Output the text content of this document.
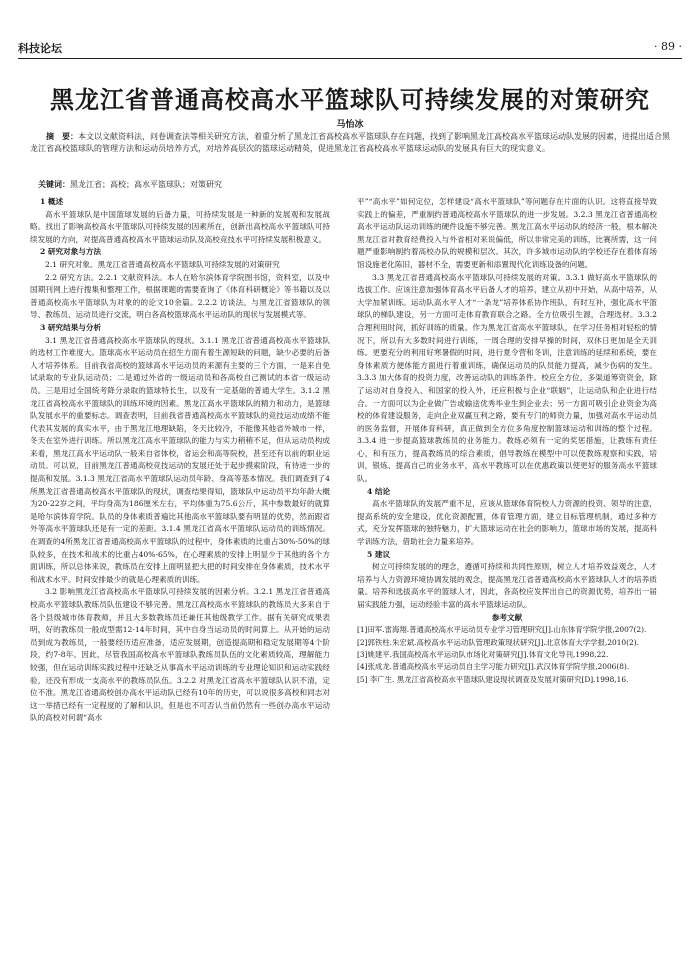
科技论坛	· 89 ·
黑龙江省普通高校高水平篮球队可持续发展的对策研究
马怡冰
摘　要：本文以文献资料法，问卷调查法等相关研究方法，着重分析了黑龙江省高校高水平篮球队存在问题，找到了影响黑龙江高校高水平篮球运动队发展的因素，进提出适合黑龙江省高校篮球队的管理方法和运动员培养方式，对培养高层次的篮球运动精英，促进黑龙江省高校高水平篮球运动队的发展具有巨大的现实意义。
关键词：黑龙江省；高校；高水平篮球队；对策研究

1 概述

高水平篮球队是中国篮球发展的后备力量，可持续发展是一种新的发展观和发展战略。找出了影响高校高水平篮球队可持续发展的因素所在，创新出高校高水平篮球队可持续发展的方向，对提高普通高校高水平篮球运动队及高校竞技水平可持续发展积极意义。

2 研究对象与方法

2.1 研究对象。黑龙江省普通高校高水平篮球队可持续发展的对策研究

2.2 研究方法。2.2.1 文献资料法。本人在哈尔滨体育学院图书馆，资料室，以及中国期刊网上进行搜集和整理工作，根据课题的需要查询了《体育科研概论》等书籍以及以普通高校高水平篮球队为对象的的论文10余篇。2.2.2 访谈法。与黑龙江省篮球队的领导、教练员、运动员进行交流，明白各高校篮球高水平运动队的现状与发展模式等。

3 研究结果与分析

3.1 黑龙江省普通高校高水平篮球队的现状。3.1.1 黑龙江省普通高校高水平篮球队的选材工作难度大。篮球高水平运动员在招生方面有着生源短缺的问题，缺少必要的后备人才培养体系。目前我省高校的篮球高水平运动员的来源有主要的三个方面，一是来自免试录取的专业队运动员；二是通过外省的一级运动员和各高校自己测试的本省一级运动员。三是用过全国统考降分录取的篮球特长生，以及有一定基础的普通大学生。3.1.2 黑龙江省高校高水平篮球队的训练环境的因素。黑龙江高水平篮球队的精力和动力，是篮球队发展水平的重要标志。调查表明，目前我省普通高校高水平篮球队的竞技运动成绩不能代表其发展的真实水平，由于黑龙江地理缺陷，冬天比较冷，不能像其他省外城市一样，冬天在室外进行训练。所以黑龙江高水平篮球队的能力与实力稍稍不足，但从运动员构成来看，黑龙江高水平运动队一般来自省体校，省运会和高等院校，甚至还有以前的职业运动员。可以说，目前黑龙江普通高校竞技运动的发展还处于起步摸索阶段，有待进一步的提高和发展。3.1.3 黑龙江省高水平篮球队运动员年龄、身高等基本情况。我们调查到了4所黑龙江省普通高校高水平篮球队的现状，调查结果得知，篮球队中运动员平均年龄大概为20-22岁之间，平均身高为186厘米左右，平均体重为75.6公斤，其中参数最好的就算是哈尔滨体育学院。队员的身体素质普遍比其他高水平篮球队要有明显的优势，然而跟省外等高水平篮球队还是有一定的差距。3.1.4 黑龙江省高水平篮球队运动员的训练情况。在调查的4所黑龙江省普通高校高水平篮球队的过程中，身体素质的比重占30%-50%的球队较多，在技术和战术的比重占40%-65%，在心理素质的安排上明显少于其他的各个方面训练，所以总体来说，教练员在安排上面明显把大把的时间安排在身体素质，技术水平和战术水平。时间安排最少的就是心理素质的训练。

3.2 影响黑龙江省高校高水平篮球队可持续发展的因素分析。3.2.1 黑龙江省普通高校高水平篮球队教练员队伍建设不够完善。黑龙江高校高水平篮球队的教练员大多来自于各个县级城市体育教师，并且大多数教练员还兼任其他级教学工作。据有关研究成果表明，好的教练员一般成型需12-14年时间，其中自身当运动员的时间算上。从开始的运动员到成为教练员，一般要经历适应准备，适应发展期，创造提高期和稳定发展期等4个阶段，约7-8年。因此，尽管我国高校高水平篮球队教练员队伍的文化素质较高，理解能力较强，但在运动训练实践过程中还缺乏从事高水平运动训练的专业理论知识和运动实践经验，还没有形成一支高水平的教练员队伍。3.2.2 对黑龙江省高水平篮球队认识不清，定位不准。黑龙江省通高校创办高水平运动队已经有10年的历史，可以说很多高校和同志对这一举措已经有一定程度的了解和认识，但是也不可否认当前仍然有一些创办高水平运动队的高校对何谓“高水

平”“高水平”如何定位，怎样建设“高水平篮球队”等问题存在片面的认识。这将直接导致实践上的偏差，严重制约普通高校高水平篮球队的进一步发展。3.2.3 黑龙江省普通高校高水平运动队运动训练的硬件设施不够完善。黑龙江高水平运动队的经济一般，根本解决黑龙江省对教育经费投入与外省相对来说偏低，所以非常完美的训练，比赛所需，这一问题严重影响制约着高校办队的规模和层次。其次，许多城市运动队的学校还存在着体育场馆设施老化陈旧，器材不全，需要更新和添置现代化训练设备的问题。

3.3 黑龙江省普通高校高水平篮球队可持续发展的对策。3.3.1 做好高水平篮球队的选拔工作。应该注意加强体育高水平后备人才的培养，建立从初中开始，从高中培养，从大学加紧训练。运动队高水平人才“一条龙”培养体系协作班队，有时互补，强化高水平篮球队的梯队建设，另一方面可走体育教育联合之路。全方位吸引生源，合理选材。3.3.2 合理利用时间，抓好训练的质量。作为黑龙江省高水平篮球队，在学习任务相对轻松的情况下，所以有大多数时间进行训练，一周合理的安排早操的时间，双休日更加是全天训练。更要充分的利用好寒暑假的时间，进行夏令营和冬训，注意训练的延续和系统，要在身体素质方便体能方面进行着重训练，确保运动员的队员能力提高，减少伤病的发生。3.3.3 加大体育的投资力度，改善运动队的训练条件。校应全方位，多渠道筹资资金，除了运动对自身投入、和国家的投入外，还应积极与企业“联姻”，让运动队和企业进行结合。一方面可以为企业做广告或输送优秀毕业生到企业去；另一方面可吸引企业资金为高校的体育建设服务，走向企业双赢互利之路，要有专门的师资力量，加强对高水平运动员的医务监督，开展体育科研，真正做到全方位多角度控制篮球运动和训练的整个过程。3.3.4 进一步提高篮球教练员的业务能力。教练必须有一定的奖惩措施，让教练有责任心，和有压力，提高教练员的综合素质，倡导教练在模型中可以使教练观察和实践，培训，银炼、提高自己的业务水平，高水平教练可以在优惠政策以使更好的服务高水平篮球队。

4 结论

高水平篮球队的发展严重不足，应该从篮球体育院校人力资源的投资、领导的注意，提高系统的安全建设，优化资源配置，体育管理方面，建立目标管理机制，通过多种方式，充分发挥篮球的独特魅力，扩大篮球运动在社会的影响力，篮球市场的发展，提高科学训练方法，借助社会力量来培养。

5 建议

树立可持续发展的的理念，遵循可持续和共同性原则，树立人才培养效益观念，人才培养与人力资源环境协调发展的观念，提高黑龙江省普通高校高水平篮球队人才的培养质量。培养和选拔高水平的篮球人才，因此，各高校应发挥出自己的资源优势，培养出一届届实践能力强，运动经验丰富的高水平篮球运动队。

参考文献

[1]田军.雷海翔.普通高校高水平运动员专业学习管理研究[J].山东体育学院学报,2007(2).

[2]郭铁柱.朱宏斌.高校高水平运动队管理政策现状研究[J].北京体育大学学报,2010(2).

[3]姚建平.我国高校高水平运动队市场化对策研究[J].体育文化导刊,1998,22.

[4]张成龙.普通高校高水平运动员自主学习能力研究[J].武汉体育学院学报,2006(8).

[5] 李广生. 黑龙江省高校高水平篮球队建设现状调查及发展对策研究[D].1998,16.
